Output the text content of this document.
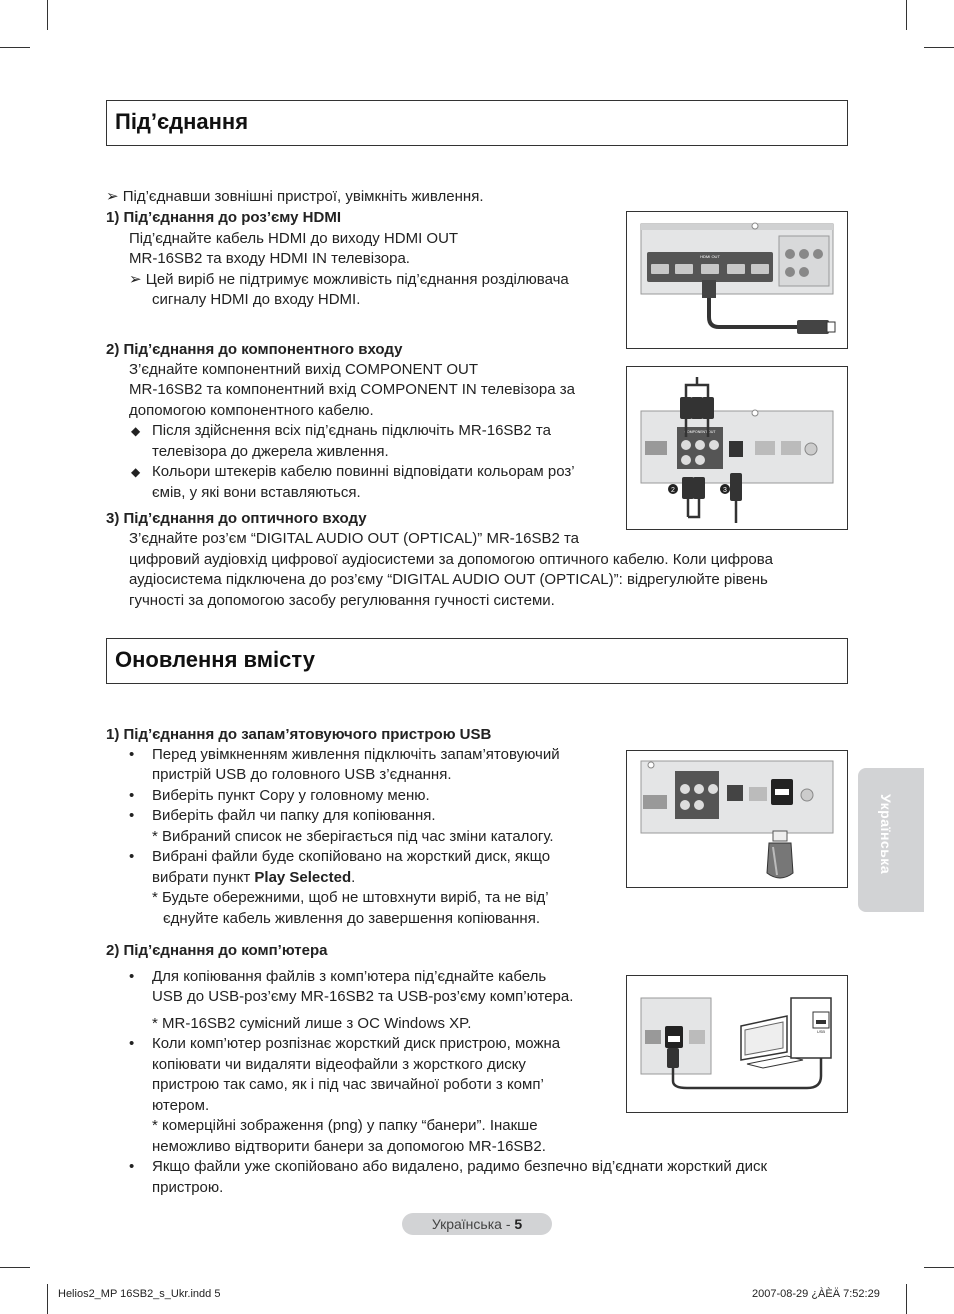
Під’єднання
➢ Під’єднавши зовнішні пристрої, увімкніть живлення.
1) Під’єднання до роз’єму HDMI
Під’єднайте кабель HDMI до виходу HDMI OUT
MR-16SB2 та входу HDMI IN телевізора.
➢ Цей виріб не підтримує можливість під’єднання розділювача
сигналу HDMI до входу HDMI.
2) Під’єднання до компонентного входу
З’єднайте компонентний вихід COMPONENT OUT
MR-16SB2 та компонентний вхід COMPONENT IN телевізора за
допомогою компонентного кабелю.
◆ Після здійснення всіх під’єднань підключіть MR-16SB2 та
телевізора до джерела живлення.
◆ Кольори штекерів кабелю повинні відповідати кольорам роз’
ємів, у які вони вставляються.
3) Під’єднання до оптичного входу
З’єднайте роз’єм “DIGITAL AUDIO OUT (OPTICAL)” MR-16SB2 та
цифровий аудіовхід цифрової аудіосистеми за допомогою оптичного кабелю. Коли цифрова
аудіосистема підключена до роз’єму “DIGITAL AUDIO OUT (OPTICAL)”: відрегулюйте рівень
гучності за допомогою засобу регулювання гучності системи.
HDMI OUT
COMPONENT OUT
2	3
Оновлення вмісту
1) Під’єднання до запам’ятовуючого пристрою USB
• Перед увімкненням живлення підключіть запам’ятовуючий
пристрій USB до головного USB з’єднання.
• Виберіть пункт Copy у головному меню.
• Виберіть файл чи папку для копіювання.
* Вибраний список не зберігається під час зміни каталогу.
• Вибрані файли буде скопійовано на жорсткий диск, якщо
вибрати пункт Play Selected.
* Будьте обережними, щоб не штовхнути виріб, та не від’
єднуйте кабель живлення до завершення копіювання.
2) Під’єднання до комп’ютера
• Для копіювання файлів з комп’ютера під’єднайте кабель
USB до USB-роз’єму MR-16SB2 та USB-роз’єму комп’ютера.
* MR-16SB2 сумісний лише з ОС Windows XP.
• Коли комп’ютер розпізнає жорсткий диск пристрою, можна
копіювати чи видаляти відеофайли з жорсткого диску
пристрою так само, як і під час звичайної роботи з комп’
ютером.
* комерційні зображення (png) у папку “банери”. Інакше
неможливо відтворити банери за допомогою MR-16SB2.
• Якщо файли уже скопійовано або видалено, радимо безпечно від’єднати жорсткий диск
пристрою.
USB
Українська
Українська - 5
Helios2_MP 16SB2_s_Ukr.indd 5	2007-08-29 ¿ÀÈÄ 7:52:29
